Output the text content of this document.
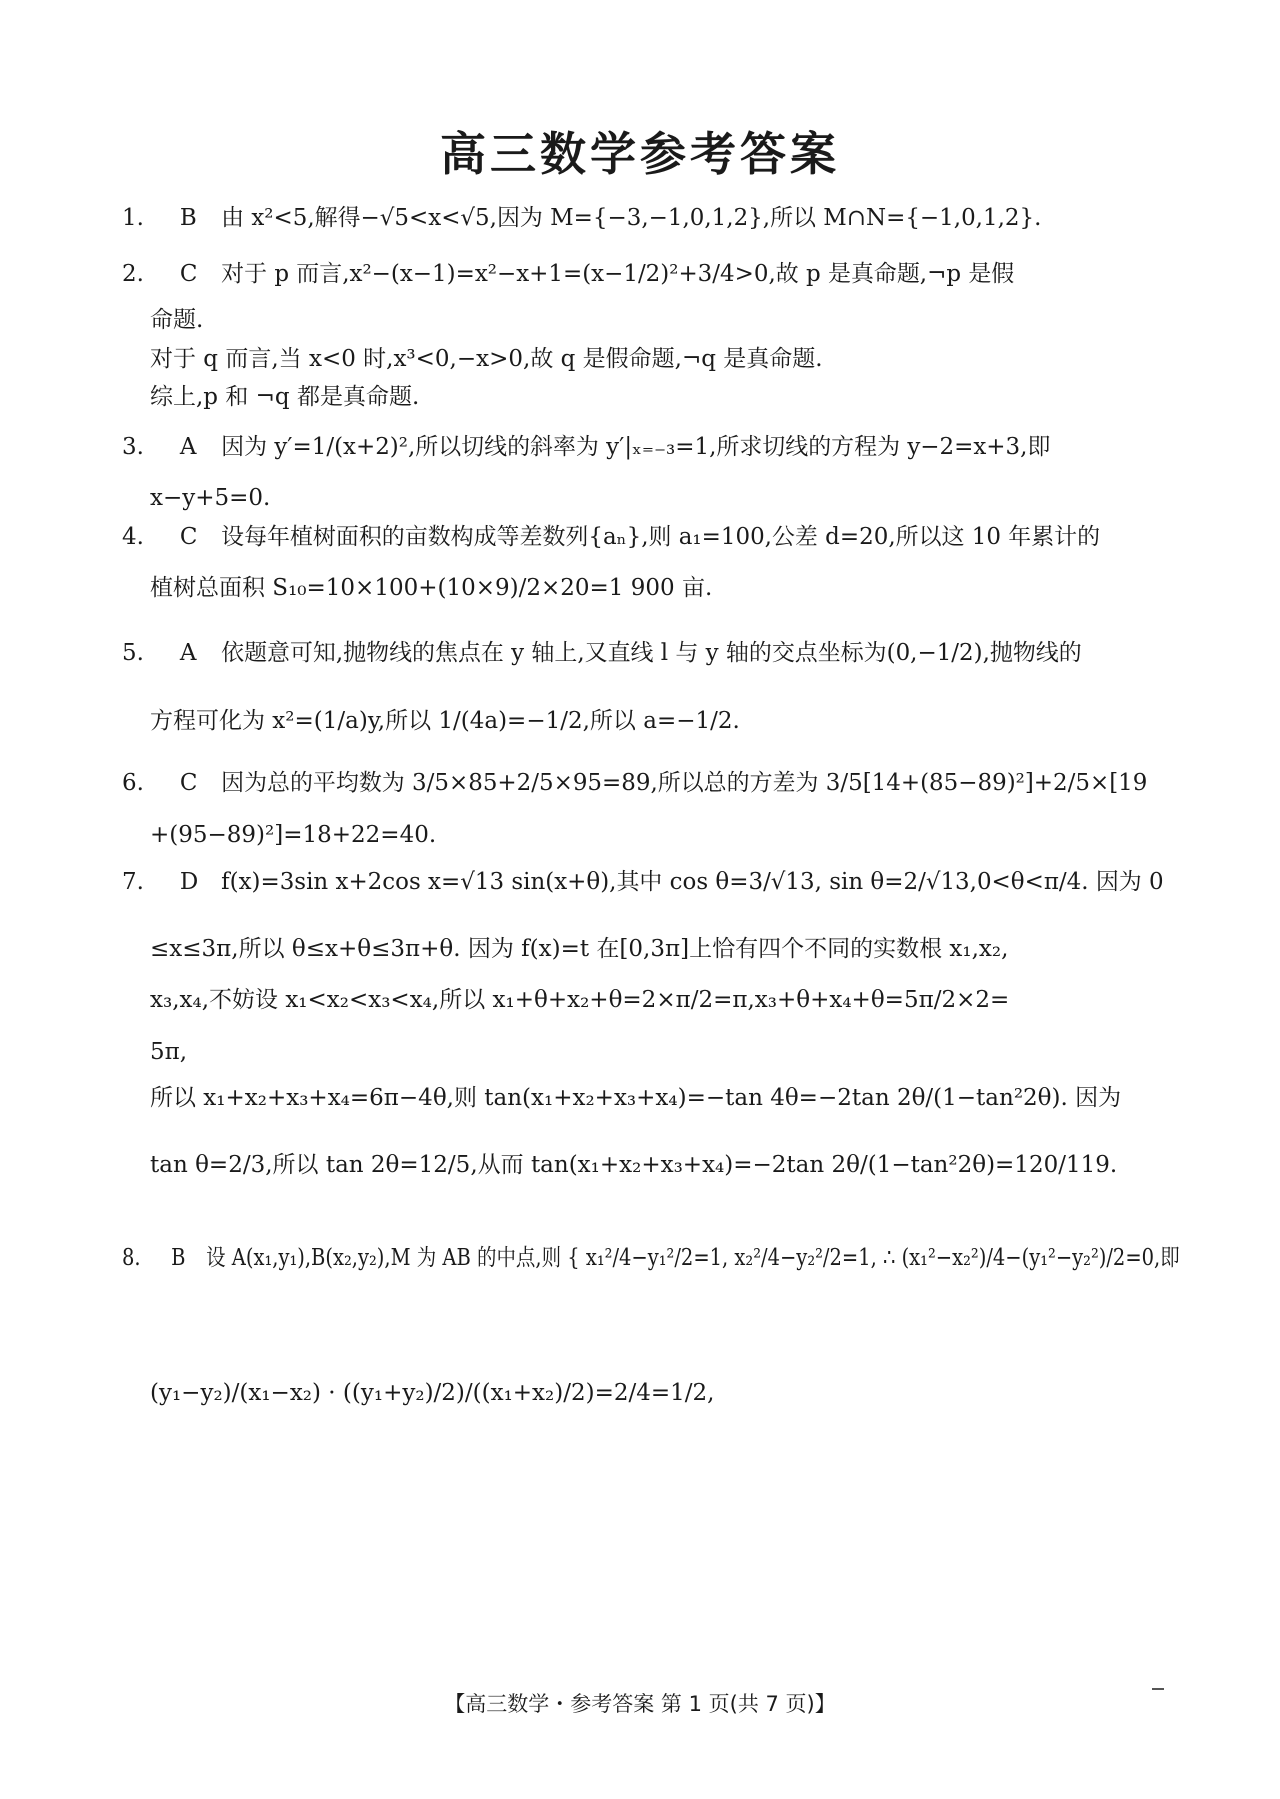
高三数学参考答案
1. B 由 x²<5,解得−√5<x<√5,因为 M={−3,−1,0,1,2},所以 M∩N={−1,0,1,2}.
2. C 对于 p 而言,x²−(x−1)=x²−x+1=(x−1/2)²+3/4>0,故 p 是真命题,¬p 是假
命题.
对于 q 而言,当 x<0 时,x³<0,−x>0,故 q 是假命题,¬q 是真命题.
综上,p 和 ¬q 都是真命题.
3. A 因为 y′=1/(x+2)²,所以切线的斜率为 y′|ₓ₌₋₃=1,所求切线的方程为 y−2=x+3,即
x−y+5=0.
4. C 设每年植树面积的亩数构成等差数列{aₙ},则 a₁=100,公差 d=20,所以这 10 年累计的
植树总面积 S₁₀=10×100+(10×9)/2×20=1 900 亩.
5. A 依题意可知,抛物线的焦点在 y 轴上,又直线 l 与 y 轴的交点坐标为(0,−1/2),抛物线的
方程可化为 x²=(1/a)y,所以 1/(4a)=−1/2,所以 a=−1/2.
6. C 因为总的平均数为 3/5×85+2/5×95=89,所以总的方差为 3/5[14+(85−89)²]+2/5×[19
+(95−89)²]=18+22=40.
7. D f(x)=3sin x+2cos x=√13 sin(x+θ),其中 cos θ=3/√13, sin θ=2/√13,0<θ<π/4. 因为 0
≤x≤3π,所以 θ≤x+θ≤3π+θ. 因为 f(x)=t 在[0,3π]上恰有四个不同的实数根 x₁,x₂,
x₃,x₄,不妨设 x₁<x₂<x₃<x₄,所以 x₁+θ+x₂+θ=2×π/2=π,x₃+θ+x₄+θ=5π/2×2=
5π,
所以 x₁+x₂+x₃+x₄=6π−4θ,则 tan(x₁+x₂+x₃+x₄)=−tan 4θ=−2tan 2θ/(1−tan²2θ). 因为
tan θ=2/3,所以 tan 2θ=12/5,从而 tan(x₁+x₂+x₃+x₄)=−2tan 2θ/(1−tan²2θ)=120/119.
8. B 设 A(x₁,y₁),B(x₂,y₂),M 为 AB 的中点,则 { x₁²/4−y₁²/2=1, x₂²/4−y₂²/2=1, ∴ (x₁²−x₂²)/4−(y₁²−y₂²)/2=0,即
(y₁−y₂)/(x₁−x₂) · ((y₁+y₂)/2)/((x₁+x₂)/2)=2/4=1/2,
【高三数学・参考答案 第 1 页(共 7 页)】
